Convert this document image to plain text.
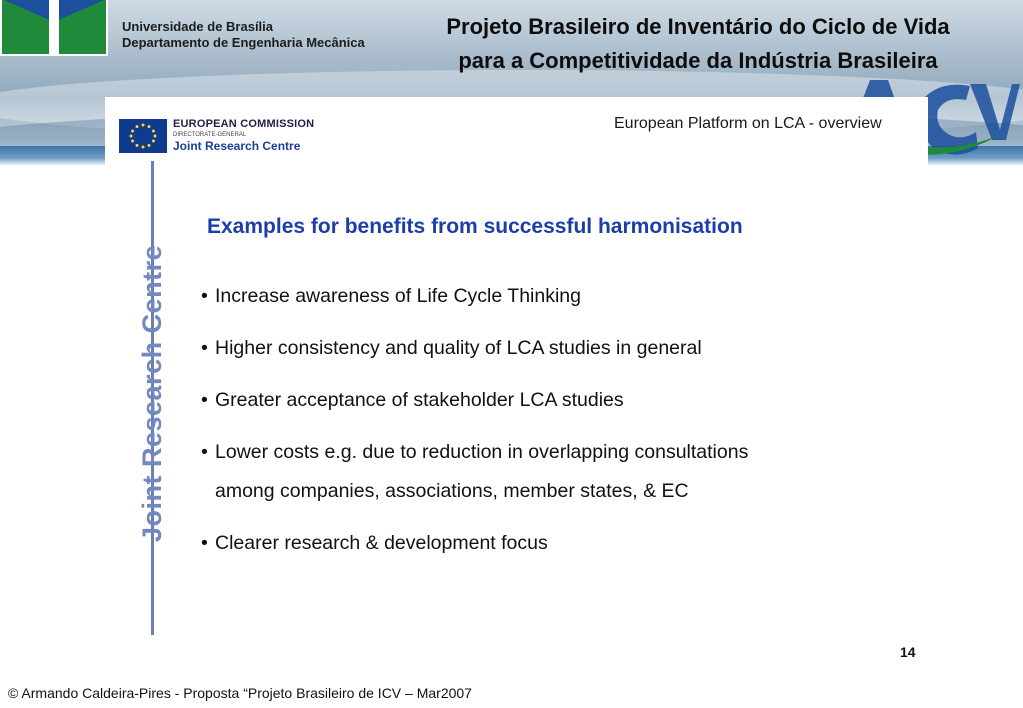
Universidade de Brasília
Departamento de Engenharia Mecânica
Projeto Brasileiro de Inventário do Ciclo de Vida
para a Competitividade da Indústria Brasileira
EUROPEAN COMMISSION
DIRECTORATE-GENERAL
Joint Research Centre
European Platform on LCA - overview
Joint Research Centre
Examples for benefits from successful harmonisation
• Increase awareness of Life Cycle Thinking
• Higher consistency and quality of LCA studies in general
• Greater acceptance of stakeholder LCA studies
• Lower costs e.g. due to reduction in overlapping consultations
among companies, associations, member states, & EC
• Clearer research & development focus
14
© Armando Caldeira-Pires - Proposta “Projeto Brasileiro de ICV – Mar2007
